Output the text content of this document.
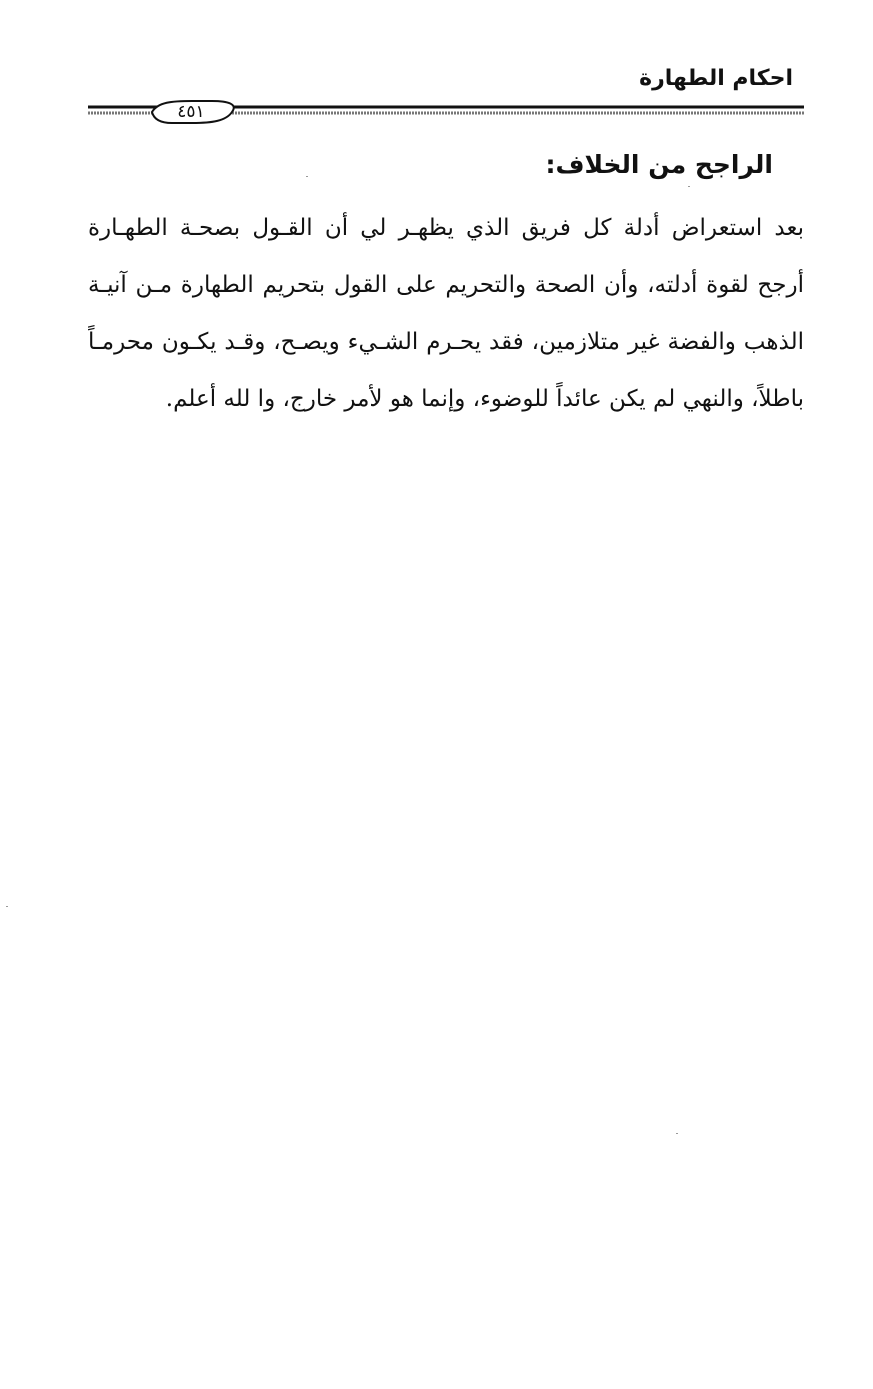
احكام الطهارة
٤٥١
الراجح من الخلاف:
بعد استعراض أدلة كل فريق الذي يظهـر لي أن القـول بصحـة الطهـارة
أرجح لقوة أدلته، وأن الصحة والتحريم على القول بتحريم الطهارة مـن آنيـة
الذهب والفضة غير متلازمين، فقد يحـرم الشـيء ويصـح، وقـد يكـون محرمـاً
باطلاً، والنهي لم يكن عائداً للوضوء، وإنما هو لأمر خارج، وا لله أعلم.
